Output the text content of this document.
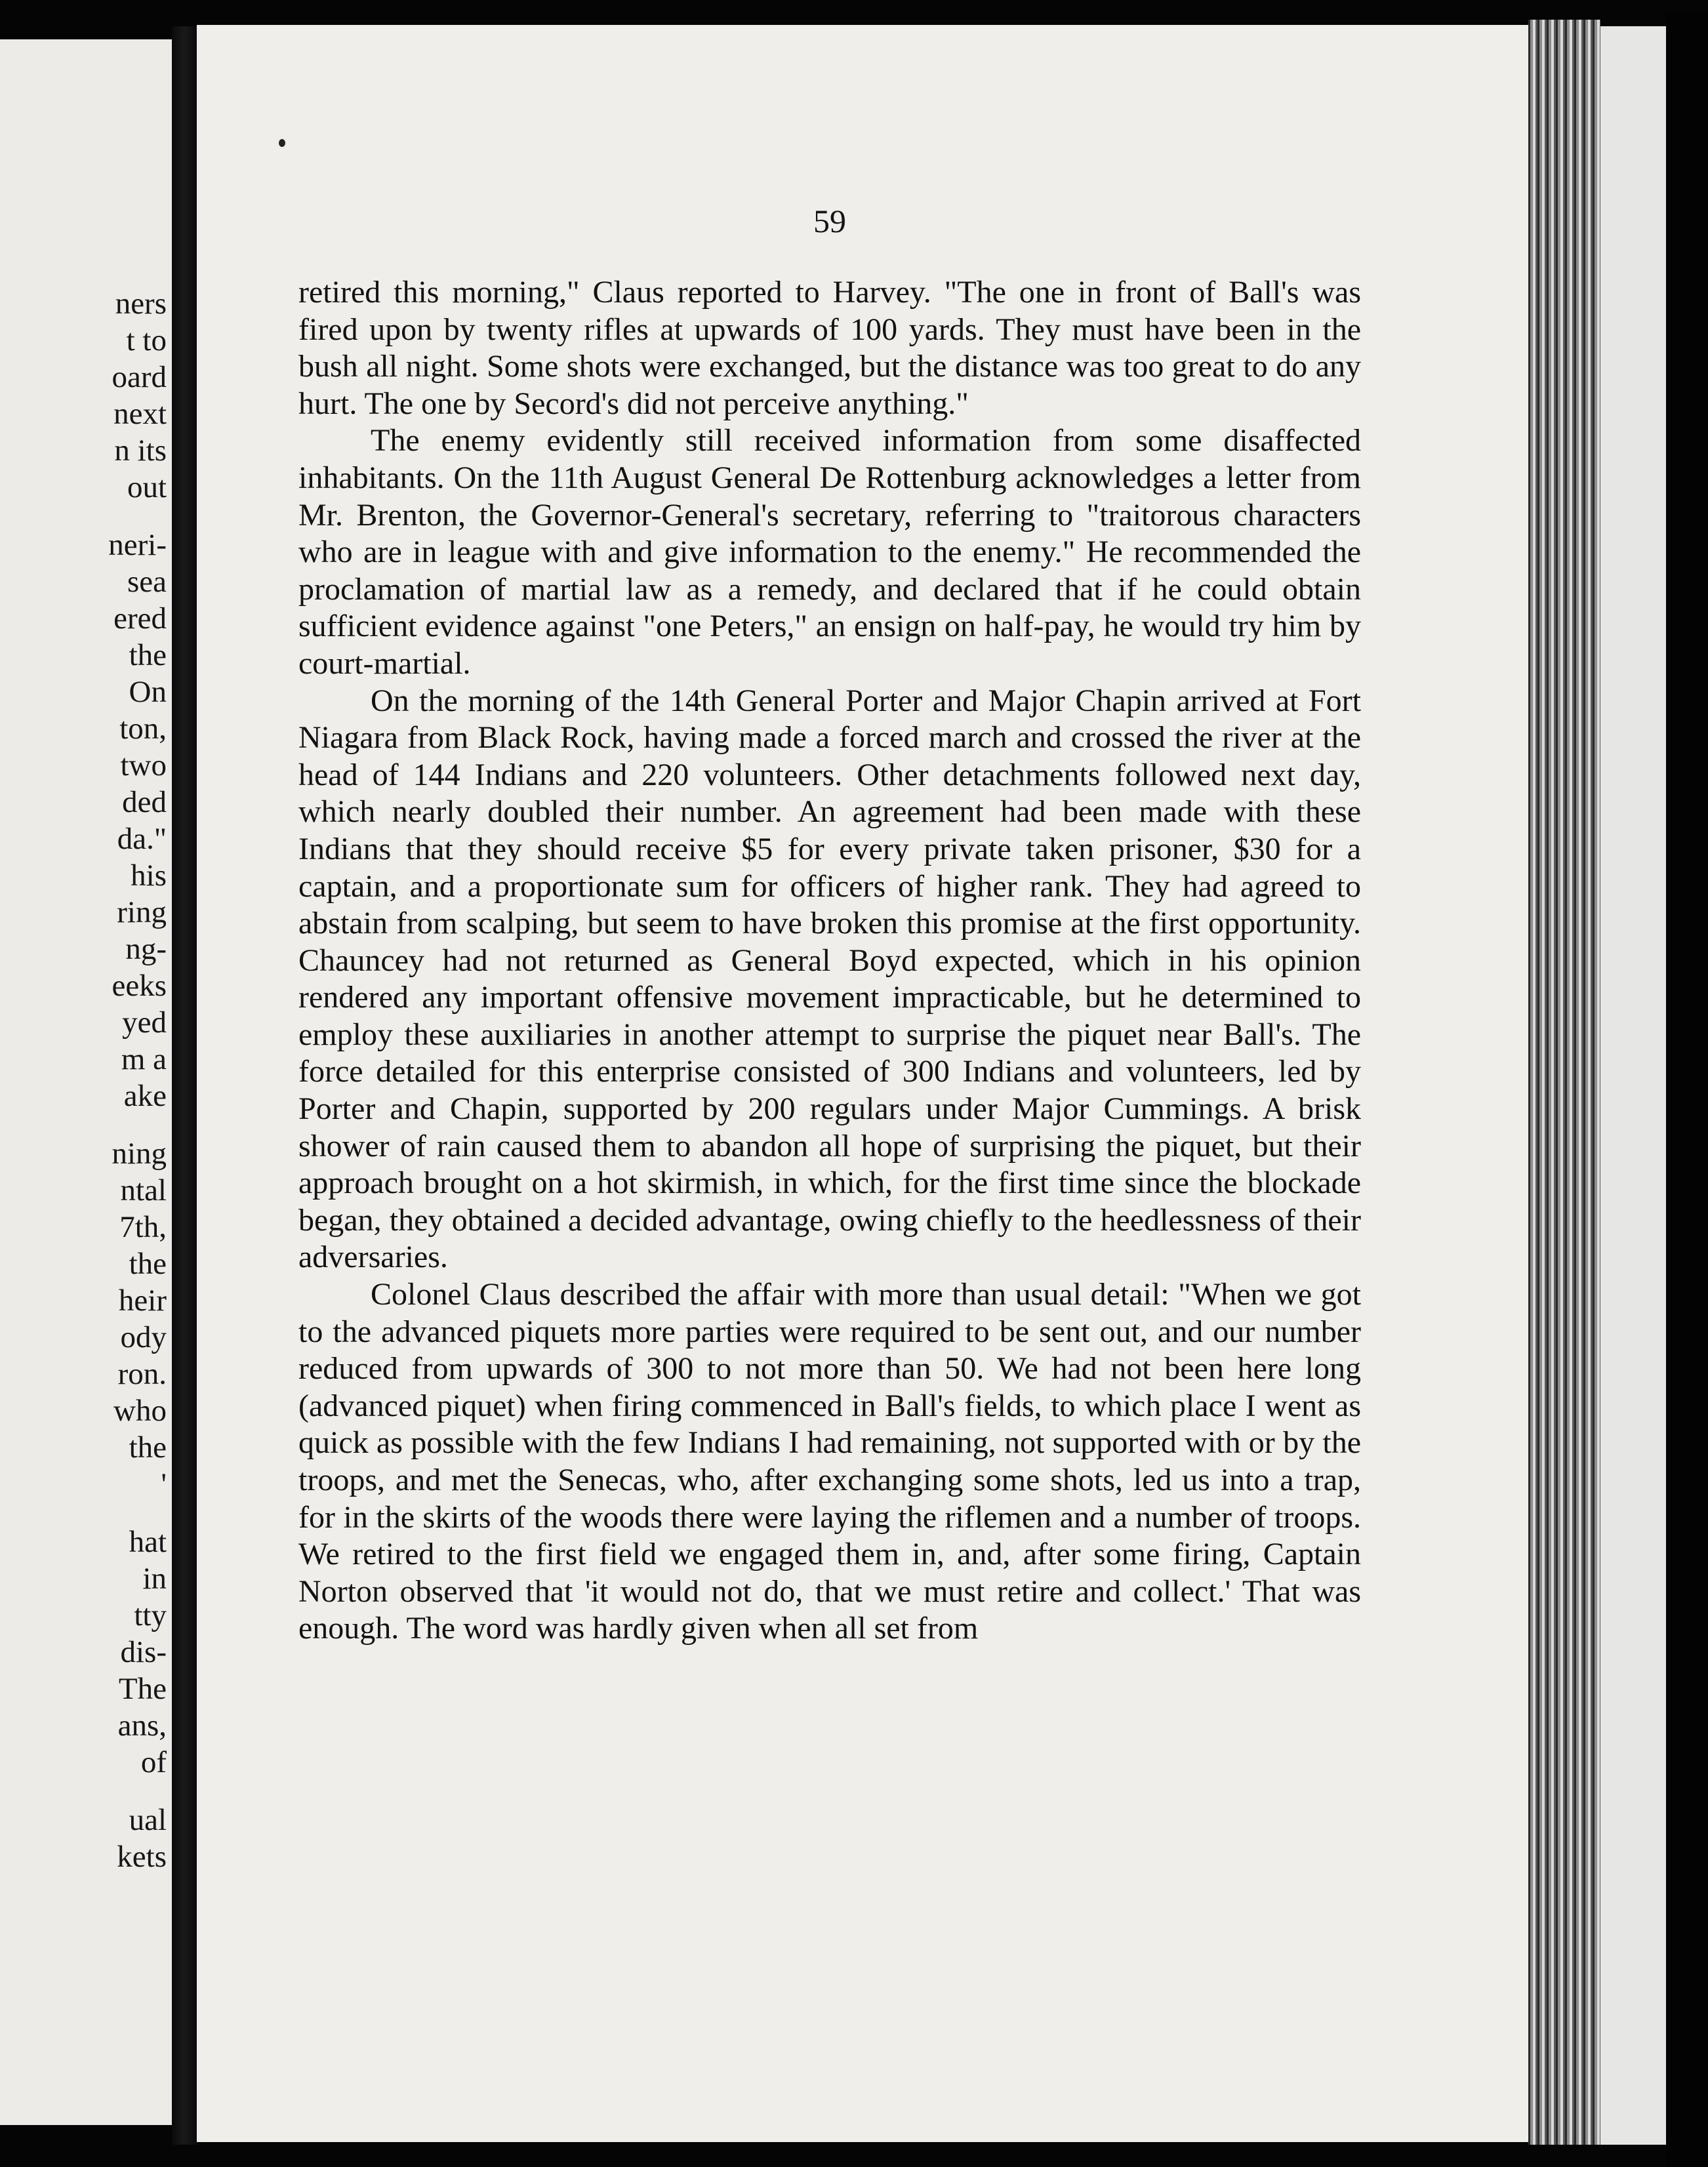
ners
t to
oard
next
n its
out
neri-
sea
ered
the
On
ton,
two
ded
da."
his
ring
ng-
eeks
yed
m a
ake
ning
ntal
7th,
the
heir
ody
ron.
who
the
'
hat
in
tty
dis-
The
ans,
of
ual
kets
59

retired this morning," Claus reported to Harvey. "The one in front of Ball's was fired upon by twenty rifles at upwards of 100 yards. They must have been in the bush all night. Some shots were exchanged, but the distance was too great to do any hurt. The one by Secord's did not perceive anything."

The enemy evidently still received information from some disaffected inhabitants. On the 11th August General De Rottenburg acknowledges a letter from Mr. Brenton, the Governor-General's secretary, referring to "traitorous characters who are in league with and give information to the enemy." He recommended the proclamation of martial law as a remedy, and declared that if he could obtain sufficient evidence against "one Peters," an ensign on half-pay, he would try him by court-martial.

On the morning of the 14th General Porter and Major Chapin arrived at Fort Niagara from Black Rock, having made a forced march and crossed the river at the head of 144 Indians and 220 volunteers. Other detachments followed next day, which nearly doubled their number. An agreement had been made with these Indians that they should receive $5 for every private taken prisoner, $30 for a captain, and a proportionate sum for officers of higher rank. They had agreed to abstain from scalping, but seem to have broken this promise at the first opportunity. Chauncey had not returned as General Boyd expected, which in his opinion rendered any important offensive movement impracticable, but he determined to employ these auxiliaries in another attempt to surprise the piquet near Ball's. The force detailed for this enterprise consisted of 300 Indians and volunteers, led by Porter and Chapin, supported by 200 regulars under Major Cummings. A brisk shower of rain caused them to abandon all hope of surprising the piquet, but their approach brought on a hot skirmish, in which, for the first time since the blockade began, they obtained a decided advantage, owing chiefly to the heedlessness of their adversaries.

Colonel Claus described the affair with more than usual detail: "When we got to the advanced piquets more parties were required to be sent out, and our number reduced from upwards of 300 to not more than 50. We had not been here long (advanced piquet) when firing commenced in Ball's fields, to which place I went as quick as possible with the few Indians I had remaining, not supported with or by the troops, and met the Senecas, who, after exchanging some shots, led us into a trap, for in the skirts of the woods there were laying the riflemen and a number of troops. We retired to the first field we engaged them in, and, after some firing, Captain Norton observed that 'it would not do, that we must retire and collect.' That was enough. The word was hardly given when all set from
